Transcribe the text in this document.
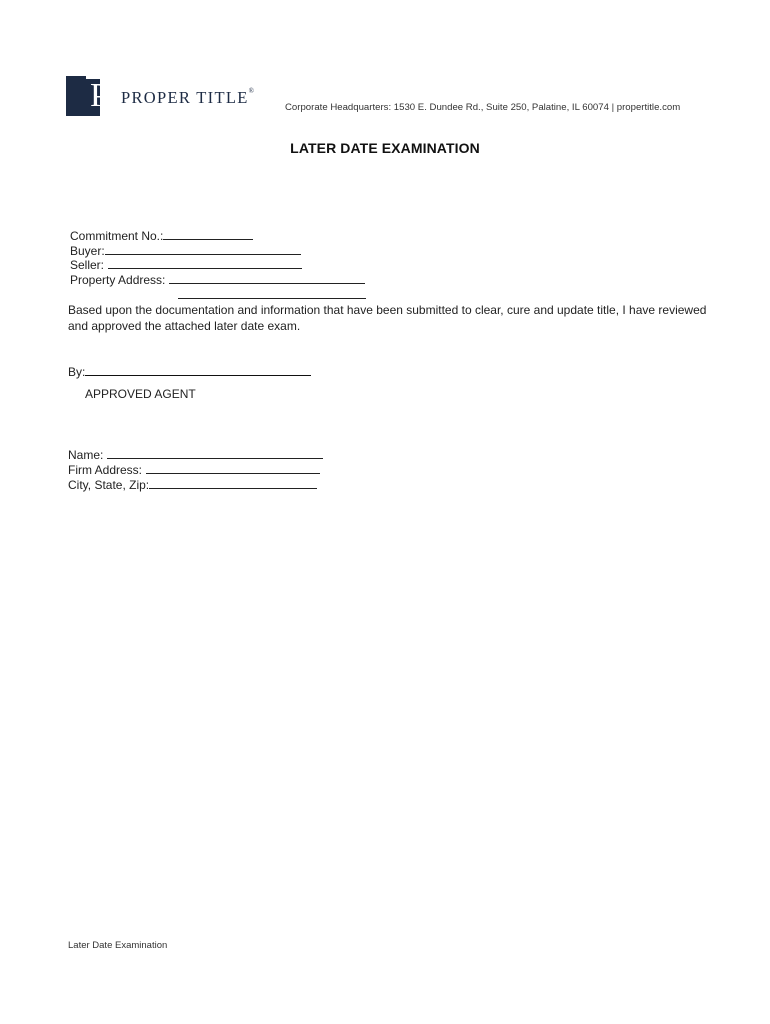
P PROPER TITLE®
Corporate Headquarters: 1530 E. Dundee Rd., Suite 250, Palatine, IL 60074 | propertitle.com
LATER DATE EXAMINATION
Commitment No.:
Buyer:
Seller:
Property Address:

Based upon the documentation and information that have been submitted to clear, cure and update title, I have reviewed and approved the attached later date exam.

By:
APPROVED AGENT
Name:
Firm Address:
City, State, Zip:
Later Date Examination
